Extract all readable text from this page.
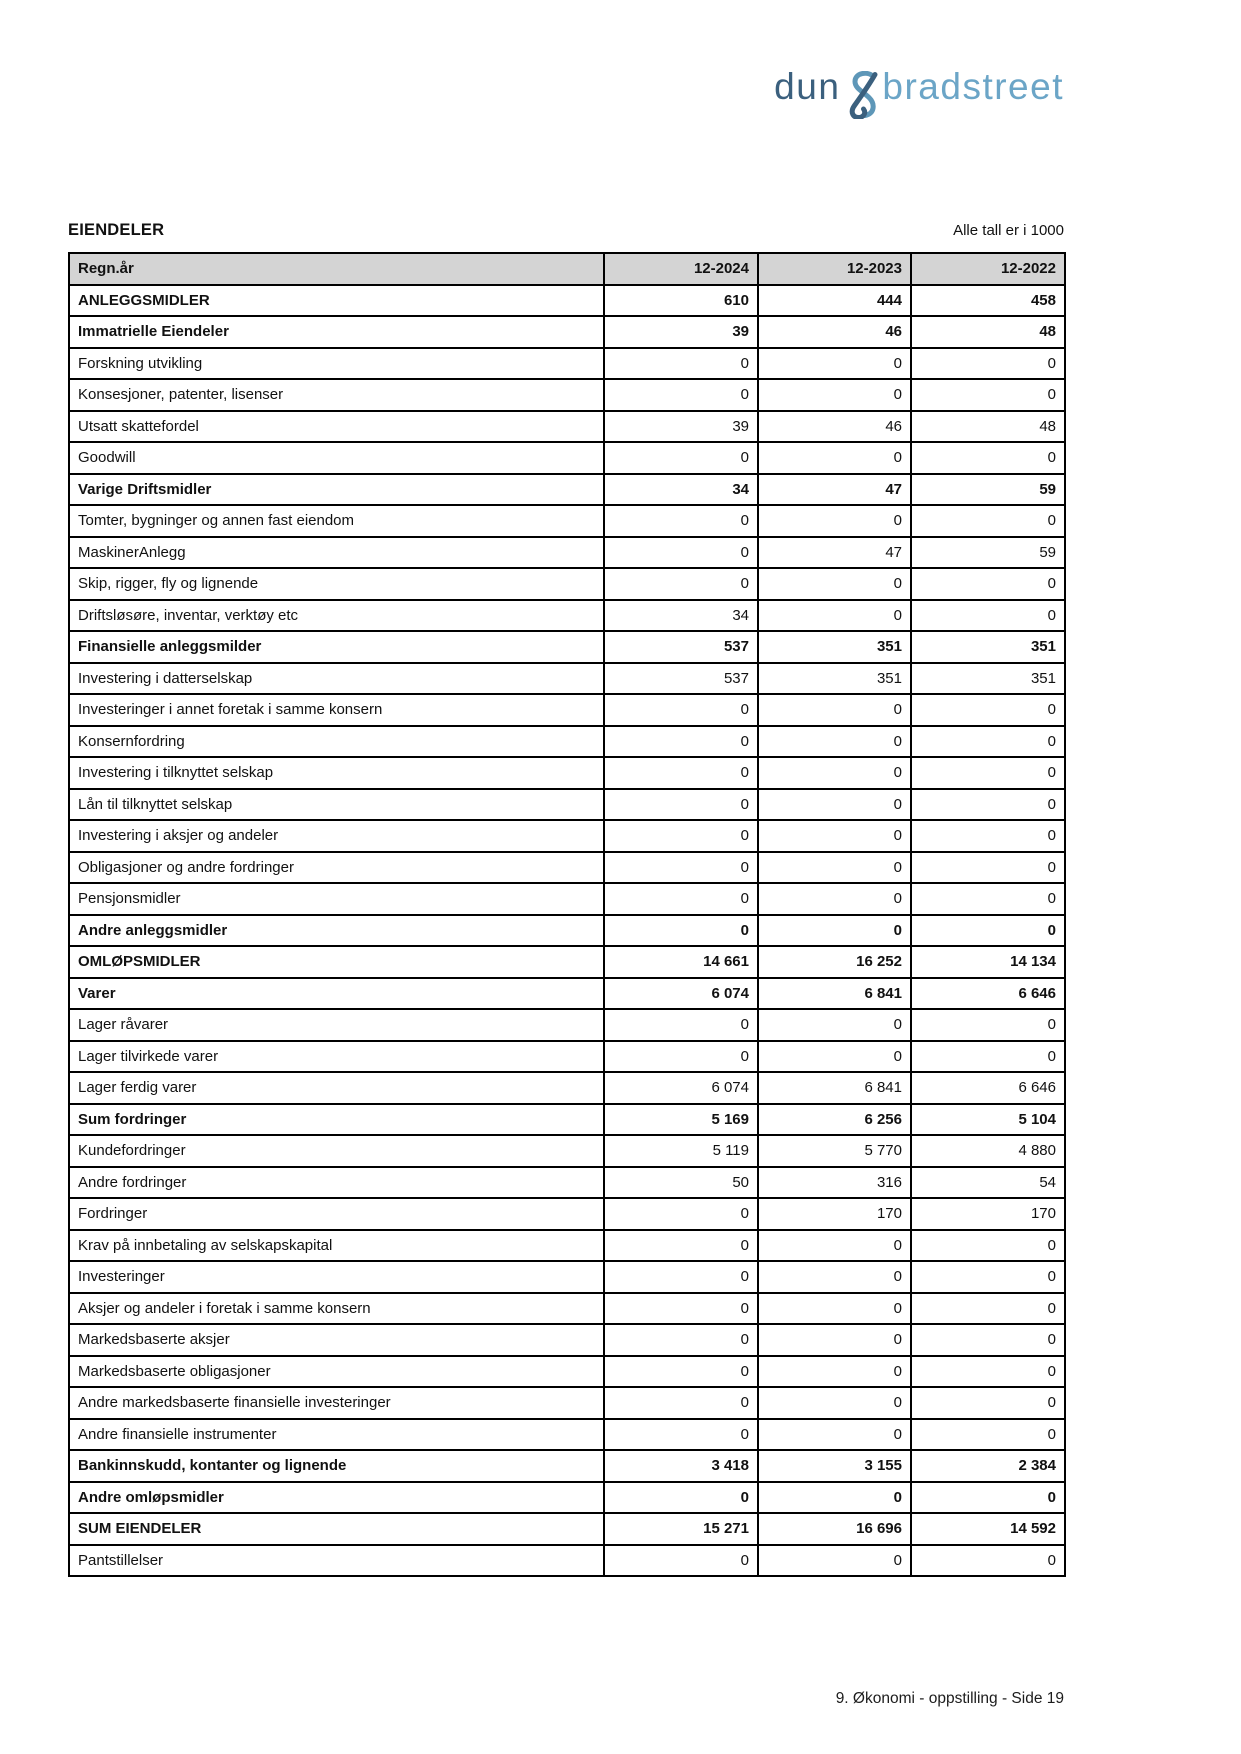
dun bradstreet
EIENDELER	Alle tall er i 1000
Regn.år	12-2024	12-2023	12-2022
ANLEGGSMIDLER	610	444	458
Immatrielle Eiendeler	39	46	48
Forskning utvikling	0	0	0
Konsesjoner, patenter, lisenser	0	0	0
Utsatt skattefordel	39	46	48
Goodwill	0	0	0
Varige Driftsmidler	34	47	59
Tomter, bygninger og annen fast eiendom	0	0	0
MaskinerAnlegg	0	47	59
Skip, rigger, fly og lignende	0	0	0
Driftsløsøre, inventar, verktøy etc	34	0	0
Finansielle anleggsmilder	537	351	351
Investering i datterselskap	537	351	351
Investeringer i annet foretak i samme konsern	0	0	0
Konsernfordring	0	0	0
Investering i tilknyttet selskap	0	0	0
Lån til tilknyttet selskap	0	0	0
Investering i aksjer og andeler	0	0	0
Obligasjoner og andre fordringer	0	0	0
Pensjonsmidler	0	0	0
Andre anleggsmidler	0	0	0
OMLØPSMIDLER	14 661	16 252	14 134
Varer	6 074	6 841	6 646
Lager råvarer	0	0	0
Lager tilvirkede varer	0	0	0
Lager ferdig varer	6 074	6 841	6 646
Sum fordringer	5 169	6 256	5 104
Kundefordringer	5 119	5 770	4 880
Andre fordringer	50	316	54
Fordringer	0	170	170
Krav på innbetaling av selskapskapital	0	0	0
Investeringer	0	0	0
Aksjer og andeler i foretak i samme konsern	0	0	0
Markedsbaserte aksjer	0	0	0
Markedsbaserte obligasjoner	0	0	0
Andre markedsbaserte finansielle investeringer	0	0	0
Andre finansielle instrumenter	0	0	0
Bankinnskudd, kontanter og lignende	3 418	3 155	2 384
Andre omløpsmidler	0	0	0
SUM EIENDELER	15 271	16 696	14 592
Pantstillelser	0	0	0
9. Økonomi - oppstilling - Side 19
